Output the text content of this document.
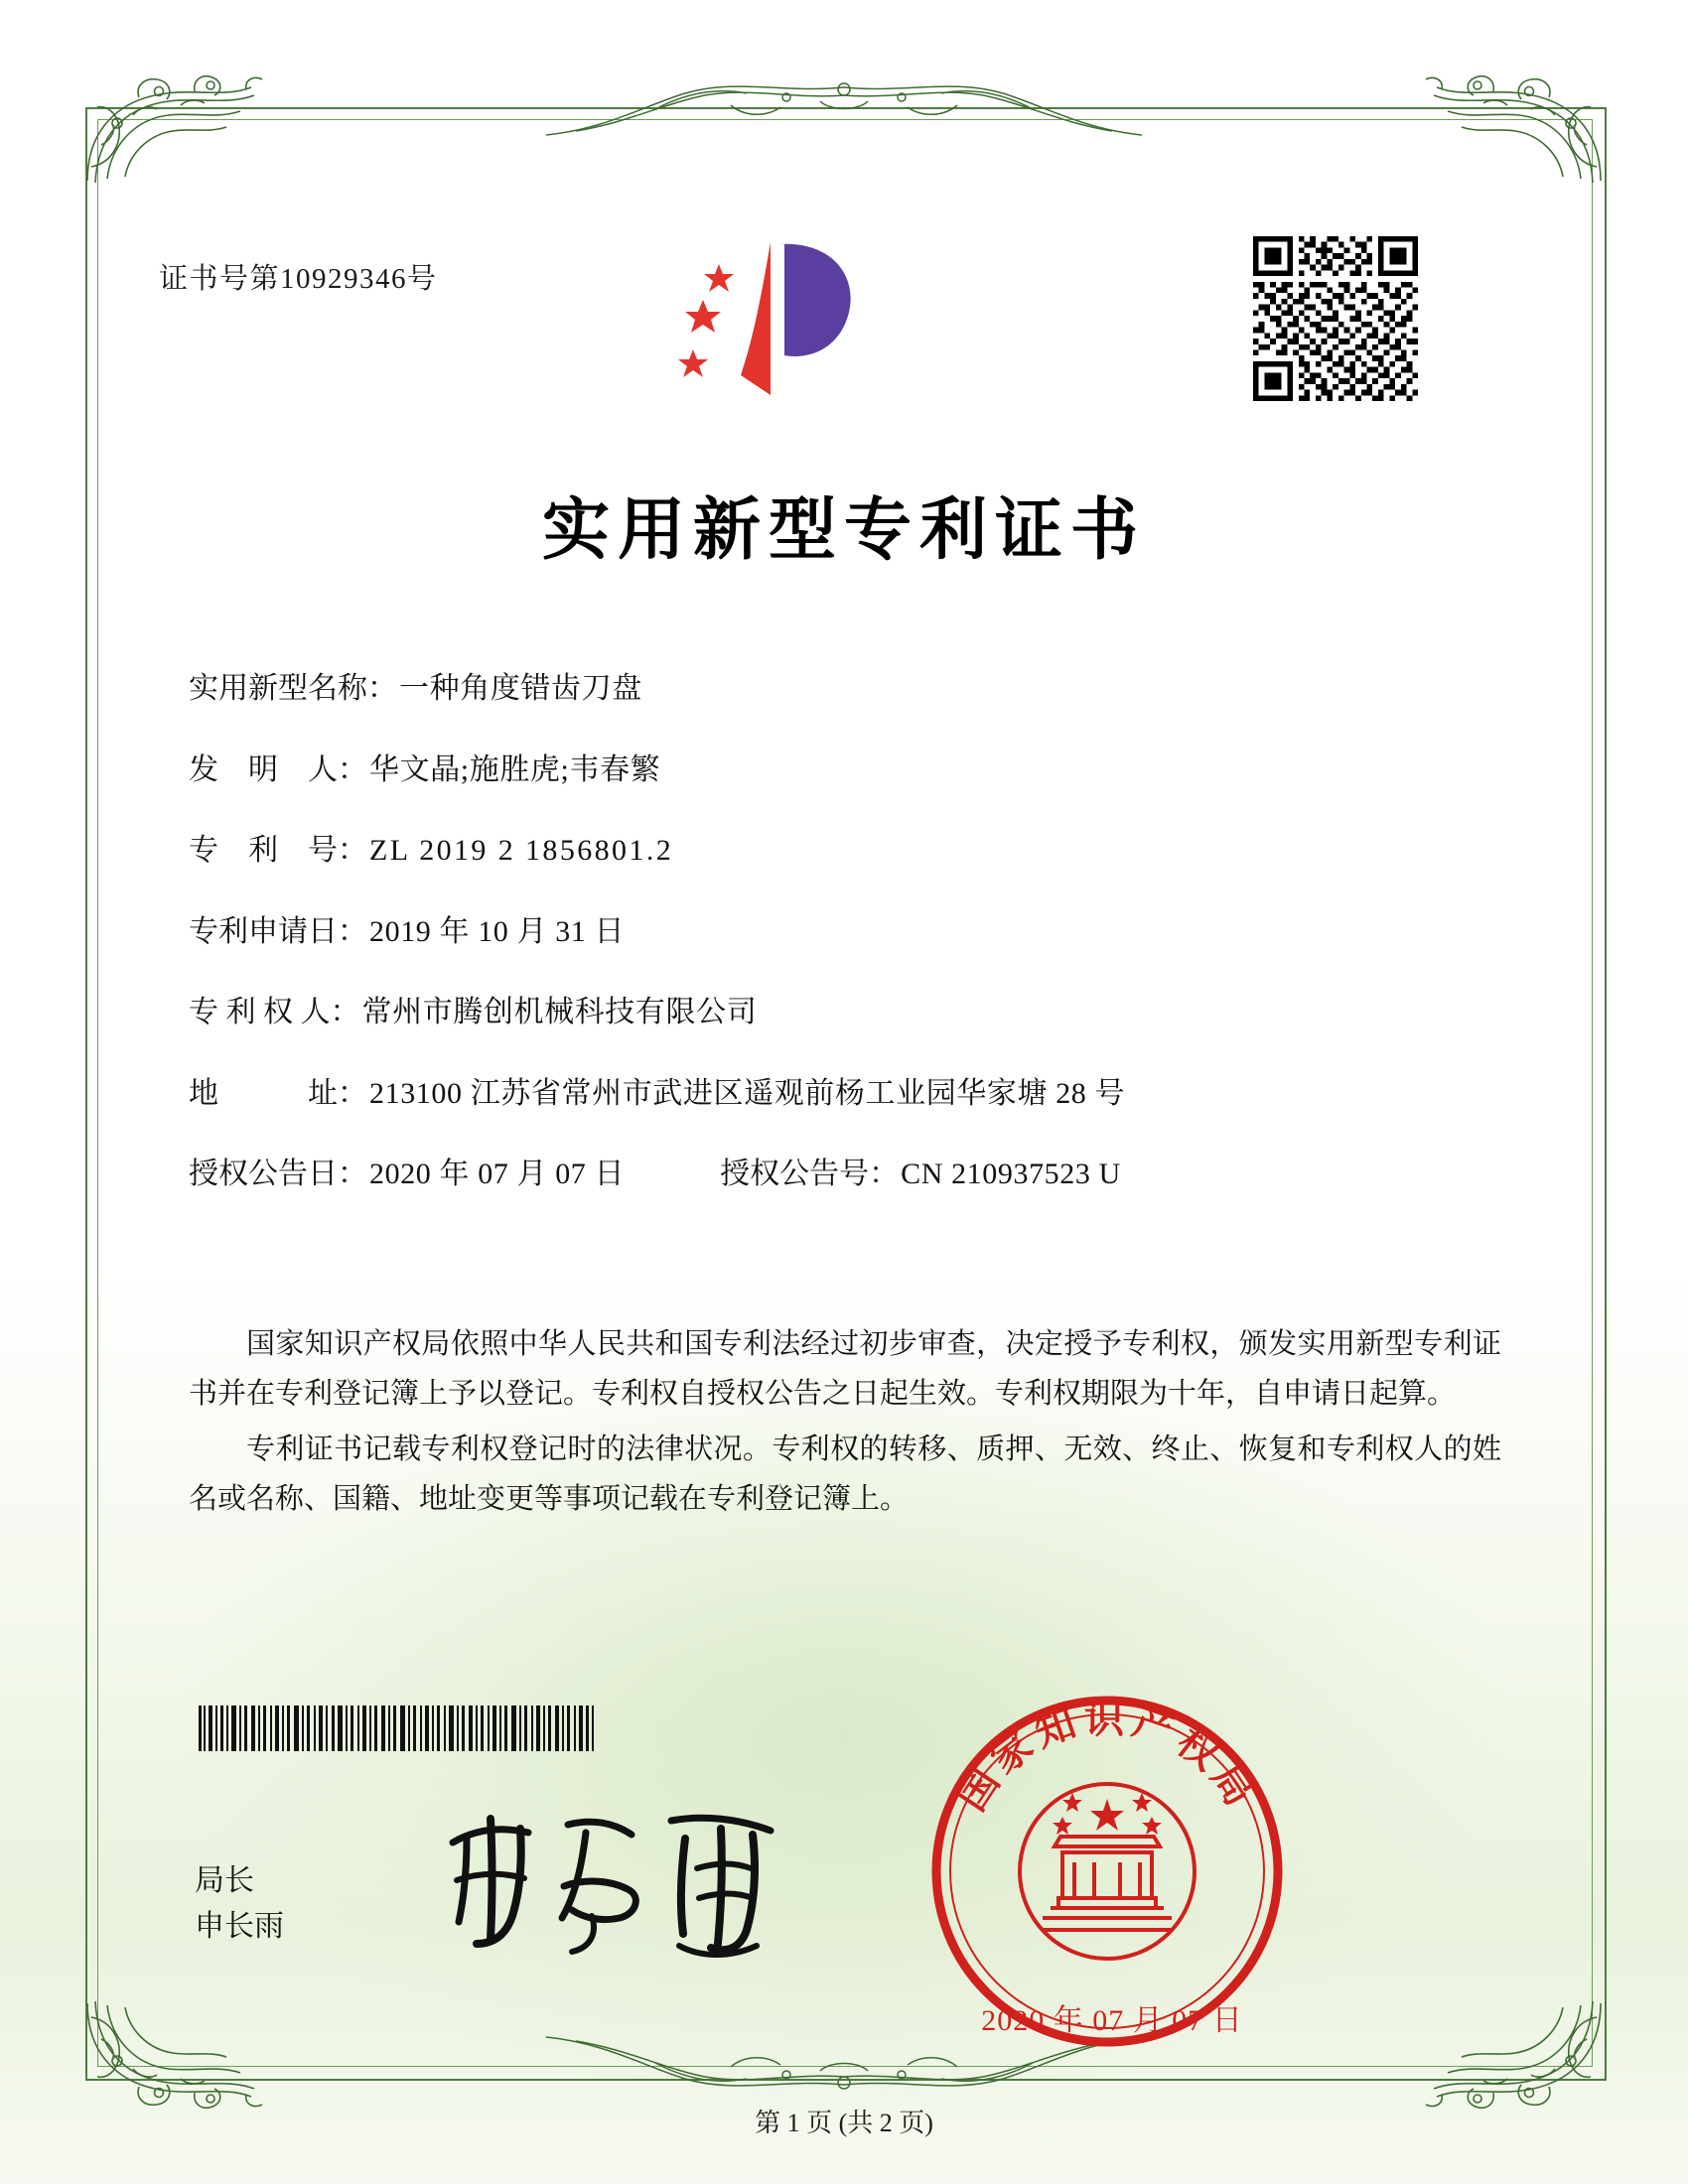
证书号第10929346号
实用新型专利证书
实用新型名称： 一种角度错齿刀盘
发　明　人： 华文晶;施胜虎;韦春繁
专　利　号： ZL 2019 2 1856801.2
专利申请日： 2019 年 10 月 31 日
专 利 权 人： 常州市腾创机械科技有限公司
地　　　址： 213100 江苏省常州市武进区遥观前杨工业园华家塘 28 号
授权公告日： 2020 年 07 月 07 日	授权公告号： CN 210937523 U

国家知识产权局依照中华人民共和国专利法经过初步审查，决定授予专利权，颁发实用新型专利证书并在专利登记簿上予以登记。专利权自授权公告之日起生效。专利权期限为十年，自申请日起算。

专利证书记载专利权登记时的法律状况。专利权的转移、质押、无效、终止、恢复和专利权人的姓名或名称、国籍、地址变更等事项记载在专利登记簿上。

局长
申长雨
国家知识产权局
2020 年 07 月 07 日
第 1 页 (共 2 页)
